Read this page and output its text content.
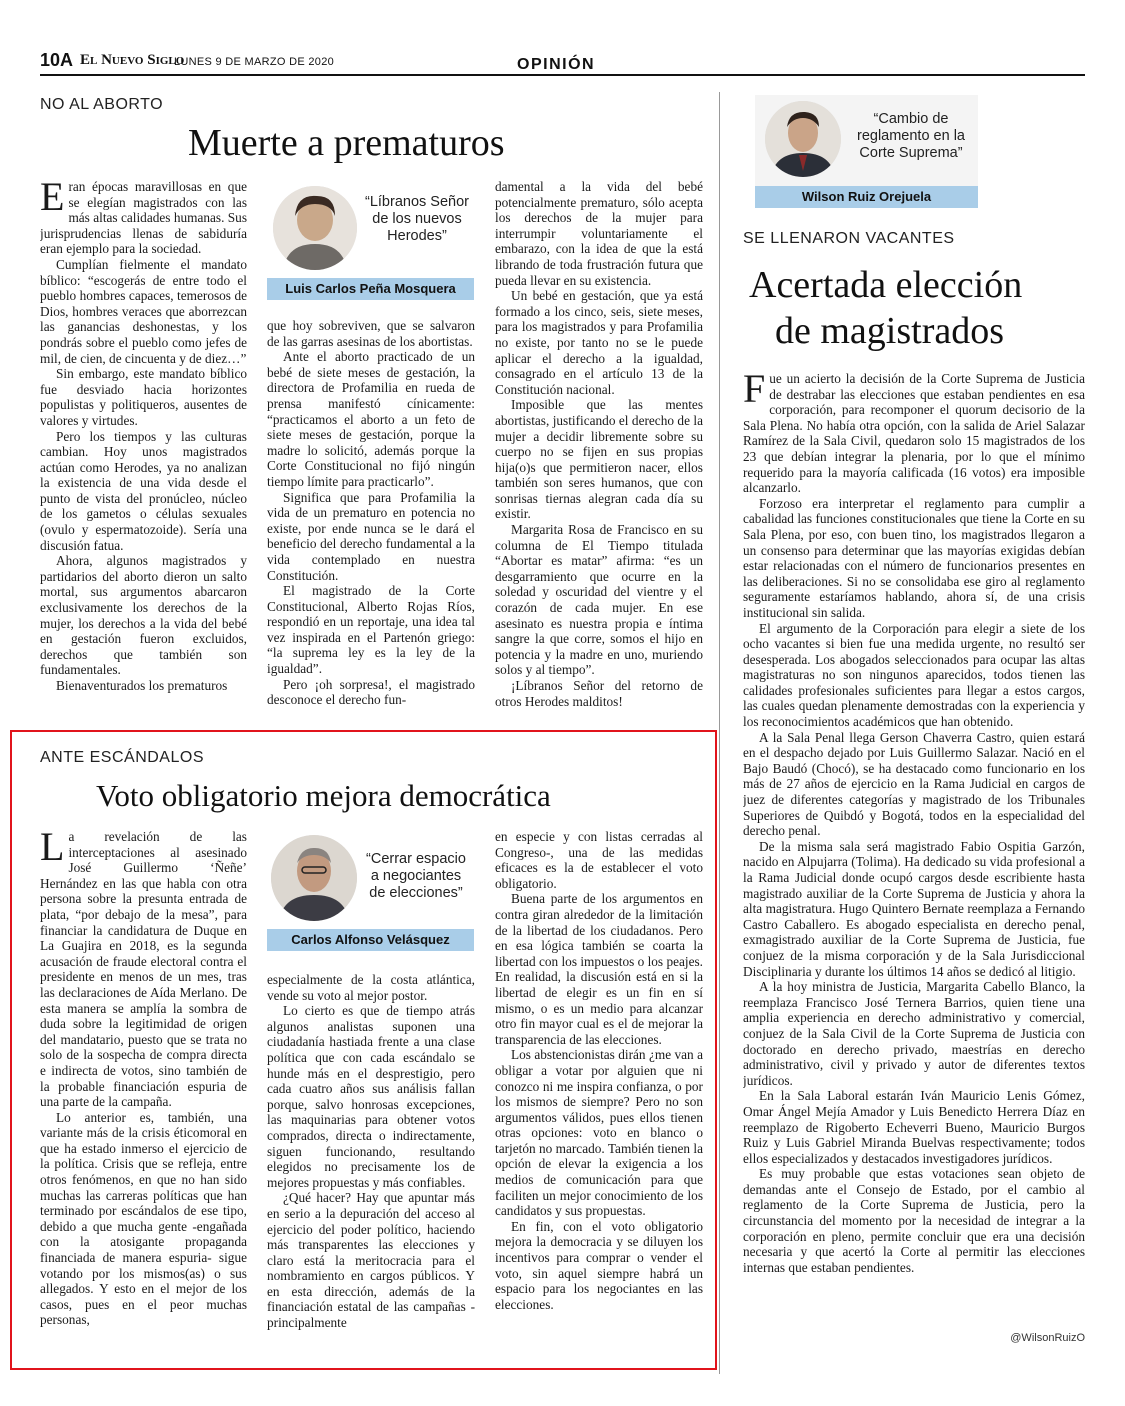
10A El Nuevo Siglo
LUNES 9 DE MARZO DE 2020	OPINIÓN
NO AL ABORTO
Muerte a prematuros

Eran épocas maravillosas en que se elegían magistrados con las más altas calidades humanas. Sus jurisprudencias llenas de sabiduría eran ejemplo para la sociedad.

Cumplían fielmente el mandato bíblico: “escogerás de entre todo el pueblo hombres capaces, temerosos de Dios, hombres veraces que aborrezcan las ganancias deshonestas, y los pondrás sobre el pueblo como jefes de mil, de cien, de cincuenta y de diez…”

Sin embargo, este mandato bíblico fue desviado hacia horizontes populistas y politiqueros, ausentes de valores y virtudes.

Pero los tiempos y las culturas cambian. Hoy unos magistrados actúan como Herodes, ya no analizan la existencia de una vida desde el punto de vista del pronúcleo, núcleo de los gametos o células sexuales (ovulo y espermatozoide). Sería una discusión fatua.

Ahora, algunos magistrados y partidarios del aborto dieron un salto mortal, sus argumentos abarcaron exclusivamente los derechos de la mujer, los derechos a la vida del bebé en gestación fueron excluidos, derechos que también son fundamentales.

Bienaventurados los prematuros

“Líbranos Señor de los nuevos Herodes”
Luis Carlos Peña Mosquera

que hoy sobreviven, que se salvaron de las garras asesinas de los abortistas.

Ante el aborto practicado de un bebé de siete meses de gestación, la directora de Profamilia en rueda de prensa manifestó cínicamente: “practicamos el aborto a un feto de siete meses de gestación, porque la madre lo solicitó, además porque la Corte Constitucional no fijó ningún tiempo límite para practicarlo”.

Significa que para Profamilia la vida de un prematuro en potencia no existe, por ende nunca se le dará el beneficio del derecho fundamental a la vida contemplado en nuestra Constitución.

El magistrado de la Corte Constitucional, Alberto Rojas Ríos, respondió en un reportaje, una idea tal vez inspirada en el Partenón griego: “la suprema ley es la ley de la igualdad”.

Pero ¡oh sorpresa!, el magistrado desconoce el derecho fun-

damental a la vida del bebé potencialmente prematuro, sólo acepta los derechos de la mujer para interrumpir voluntariamente el embarazo, con la idea de que la está librando de toda frustración futura que pueda llevar en su existencia.

Un bebé en gestación, que ya está formado a los cinco, seis, siete meses, para los magistrados y para Profamilia no existe, por tanto no se le puede aplicar el derecho a la igualdad, consagrado en el artículo 13 de la Constitución nacional.

Imposible que las mentes abortistas, justificando el derecho de la mujer a decidir libremente sobre su cuerpo no se fijen en sus propias hija(o)s que permitieron nacer, ellos también son seres humanos, que con sonrisas tiernas alegran cada día su existir.

Margarita Rosa de Francisco en su columna de El Tiempo titulada “Abortar es matar” afirma: “es un desgarramiento que ocurre en la soledad y oscuridad del vientre y el corazón de cada mujer. En ese asesinato es nuestra propia e íntima sangre la que corre, somos el hijo en potencia y la madre en uno, muriendo solos y al tiempo”.

¡Líbranos Señor del retorno de otros Herodes malditos!

ANTE ESCÁNDALOS
Voto obligatorio mejora democrática

La revelación de las interceptaciones al asesinado José Guillermo ‘Ñeñe’ Hernández en las que habla con otra persona sobre la presunta entrada de plata, “por debajo de la mesa”, para financiar la candidatura de Duque en La Guajira en 2018, es la segunda acusación de fraude electoral contra el presidente en menos de un mes, tras las declaraciones de Aída Merlano. De esta manera se amplía la sombra de duda sobre la legitimidad de origen del mandatario, puesto que se trata no solo de la sospecha de compra directa e indirecta de votos, sino también de la probable financiación espuria de una parte de la campaña.

Lo anterior es, también, una variante más de la crisis éticomoral en que ha estado inmerso el ejercicio de la política. Crisis que se refleja, entre otros fenómenos, en que no han sido muchas las carreras políticas que han terminado por escándalos de ese tipo, debido a que mucha gente -engañada con la atosigante propaganda financiada de manera espuria- sigue votando por los mismos(as) o sus allegados. Y esto en el mejor de los casos, pues en el peor muchas personas,

“Cerrar espacio a negociantes de elecciones”
Carlos Alfonso Velásquez

especialmente de la costa atlántica, vende su voto al mejor postor.

Lo cierto es que de tiempo atrás algunos analistas suponen una ciudadanía hastiada frente a una clase política que con cada escándalo se hunde más en el desprestigio, pero cada cuatro años sus análisis fallan porque, salvo honrosas excepciones, las maquinarias para obtener votos comprados, directa o indirectamente, siguen funcionando, resultando elegidos no precisamente los de mejores propuestas y más confiables.

¿Qué hacer? Hay que apuntar más en serio a la depuración del acceso al ejercicio del poder político, haciendo más transparentes las elecciones y claro está la meritocracia para el nombramiento en cargos públicos. Y en esta dirección, además de la financiación estatal de las campañas -principalmente

en especie y con listas cerradas al Congreso-, una de las medidas eficaces es la de establecer el voto obligatorio.

Buena parte de los argumentos en contra giran alrededor de la limitación de la libertad de los ciudadanos. Pero en esa lógica también se coarta la libertad con los impuestos o los peajes. En realidad, la discusión está en si la libertad de elegir es un fin en sí mismo, o es un medio para alcanzar otro fin mayor cual es el de mejorar la transparencia de las elecciones.

Los abstencionistas dirán ¿me van a obligar a votar por alguien que ni conozco ni me inspira confianza, o por los mismos de siempre? Pero no son argumentos válidos, pues ellos tienen otras opciones: voto en blanco o tarjetón no marcado. También tienen la opción de elevar la exigencia a los medios de comunicación para que faciliten un mejor conocimiento de los candidatos y sus propuestas.

En fin, con el voto obligatorio mejora la democracia y se diluyen los incentivos para comprar o vender el voto, sin aquel siempre habrá un espacio para los negociantes en las elecciones.

“Cambio de reglamento en la Corte Suprema”
Wilson Ruiz Orejuela
SE LLENARON VACANTES
Acertada elección
de magistrados

Fue un acierto la decisión de la Corte Suprema de Justicia de destrabar las elecciones que estaban pendientes en esa corporación, para recomponer el quorum decisorio de la Sala Plena. No había otra opción, con la salida de Ariel Salazar Ramírez de la Sala Civil, quedaron solo 15 magistrados de los 23 que debían integrar la plenaria, por lo que el mínimo requerido para la mayoría calificada (16 votos) era imposible alcanzarlo.

Forzoso era interpretar el reglamento para cumplir a cabalidad las funciones constitucionales que tiene la Corte en su Sala Plena, por eso, con buen tino, los magistrados llegaron a un consenso para determinar que las mayorías exigidas debían estar relacionadas con el número de funcionarios presentes en las deliberaciones. Si no se consolidaba ese giro al reglamento seguramente estaríamos hablando, ahora sí, de una crisis institucional sin salida.

El argumento de la Corporación para elegir a siete de los ocho vacantes si bien fue una medida urgente, no resultó ser desesperada. Los abogados seleccionados para ocupar las altas magistraturas no son ningunos aparecidos, todos tienen las calidades profesionales suficientes para llegar a estos cargos, las cuales quedan plenamente demostradas con la experiencia y los reconocimientos académicos que han obtenido.

A la Sala Penal llega Gerson Chaverra Castro, quien estará en el despacho dejado por Luis Guillermo Salazar. Nació en el Bajo Baudó (Chocó), se ha destacado como funcionario en los más de 27 años de ejercicio en la Rama Judicial en cargos de juez de diferentes categorías y magistrado de los Tribunales Superiores de Quibdó y Bogotá, todos en la especialidad del derecho penal.

De la misma sala será magistrado Fabio Ospitia Garzón, nacido en Alpujarra (Tolima). Ha dedicado su vida profesional a la Rama Judicial donde ocupó cargos desde escribiente hasta magistrado auxiliar de la Corte Suprema de Justicia y ahora la alta magistratura. Hugo Quintero Bernate reemplaza a Fernando Castro Caballero. Es abogado especialista en derecho penal, exmagistrado auxiliar de la Corte Suprema de Justicia, fue conjuez de la misma corporación y de la Sala Jurisdiccional Disciplinaria y durante los últimos 14 años se dedicó al litigio.

A la hoy ministra de Justicia, Margarita Cabello Blanco, la reemplaza Francisco José Ternera Barrios, quien tiene una amplia experiencia en derecho administrativo y comercial, conjuez de la Sala Civil de la Corte Suprema de Justicia con doctorado en derecho privado, maestrías en derecho administrativo, civil y privado y autor de diferentes textos jurídicos.

En la Sala Laboral estarán Iván Mauricio Lenis Gómez, Omar Ángel Mejía Amador y Luis Benedicto Herrera Díaz en reemplazo de Rigoberto Echeverri Bueno, Mauricio Burgos Ruiz y Luis Gabriel Miranda Buelvas respectivamente; todos ellos especializados y destacados investigadores jurídicos.

Es muy probable que estas votaciones sean objeto de demandas ante el Consejo de Estado, por el cambio al reglamento de la Corte Suprema de Justicia, pero la circunstancia del momento por la necesidad de integrar a la corporación en pleno, permite concluir que era una decisión necesaria y que acertó la Corte al permitir las elecciones internas que estaban pendientes.

@WilsonRuizO
